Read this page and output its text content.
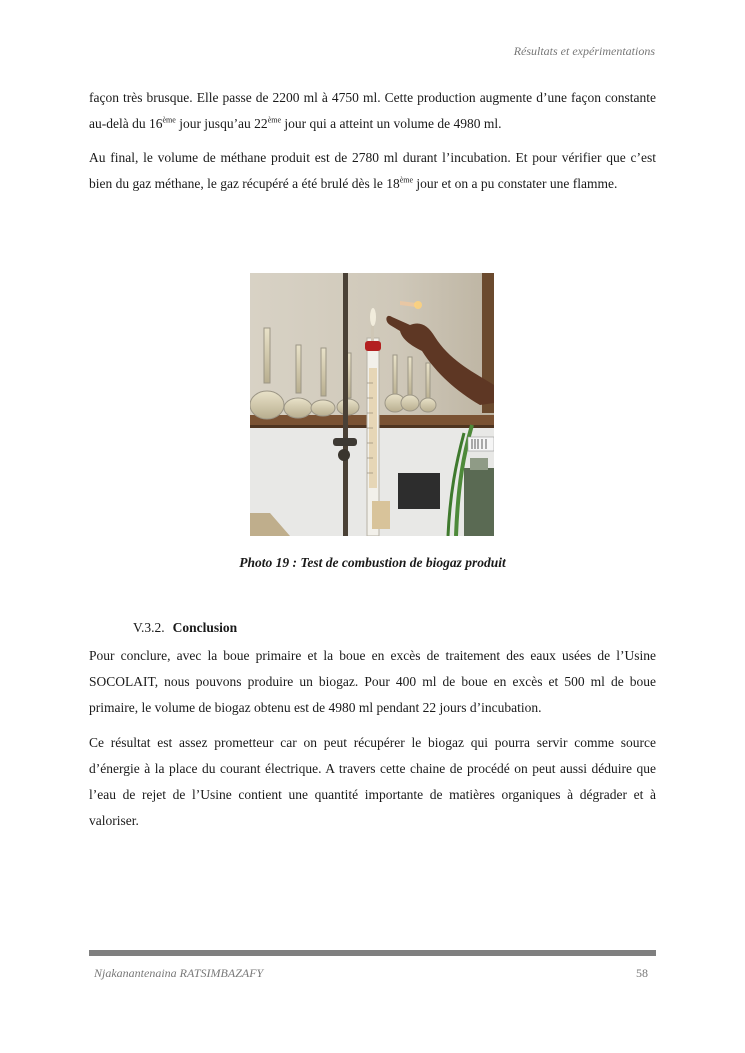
Résultats et expérimentations

façon très brusque. Elle passe de 2200 ml à 4750 ml. Cette production augmente d’une façon constante au-delà du 16ème jour jusqu’au 22ème jour qui a atteint un volume de 4980 ml.

Au final, le volume de méthane produit est de 2780 ml durant l’incubation. Et pour vérifier que c’est bien du gaz méthane, le gaz récupéré a été brulé dès le 18ème jour et on a pu constater une flamme.

Photo 19 : Test de combustion de biogaz produit
V.3.2. Conclusion

Pour conclure, avec la boue primaire et la boue en excès de traitement des eaux usées de l’Usine SOCOLAIT, nous pouvons produire un biogaz. Pour 400 ml de boue en excès et 500 ml de boue primaire, le volume de biogaz obtenu est de 4980 ml pendant 22 jours d’incubation.

Ce résultat est assez prometteur car on peut récupérer le biogaz qui pourra servir comme source d’énergie à la place du courant électrique. A travers cette chaine de procédé on peut aussi déduire que l’eau de rejet de l’Usine contient une quantité importante de matières organiques à dégrader et à valoriser.

Njakanantenaina RATSIMBAZAFY	58
